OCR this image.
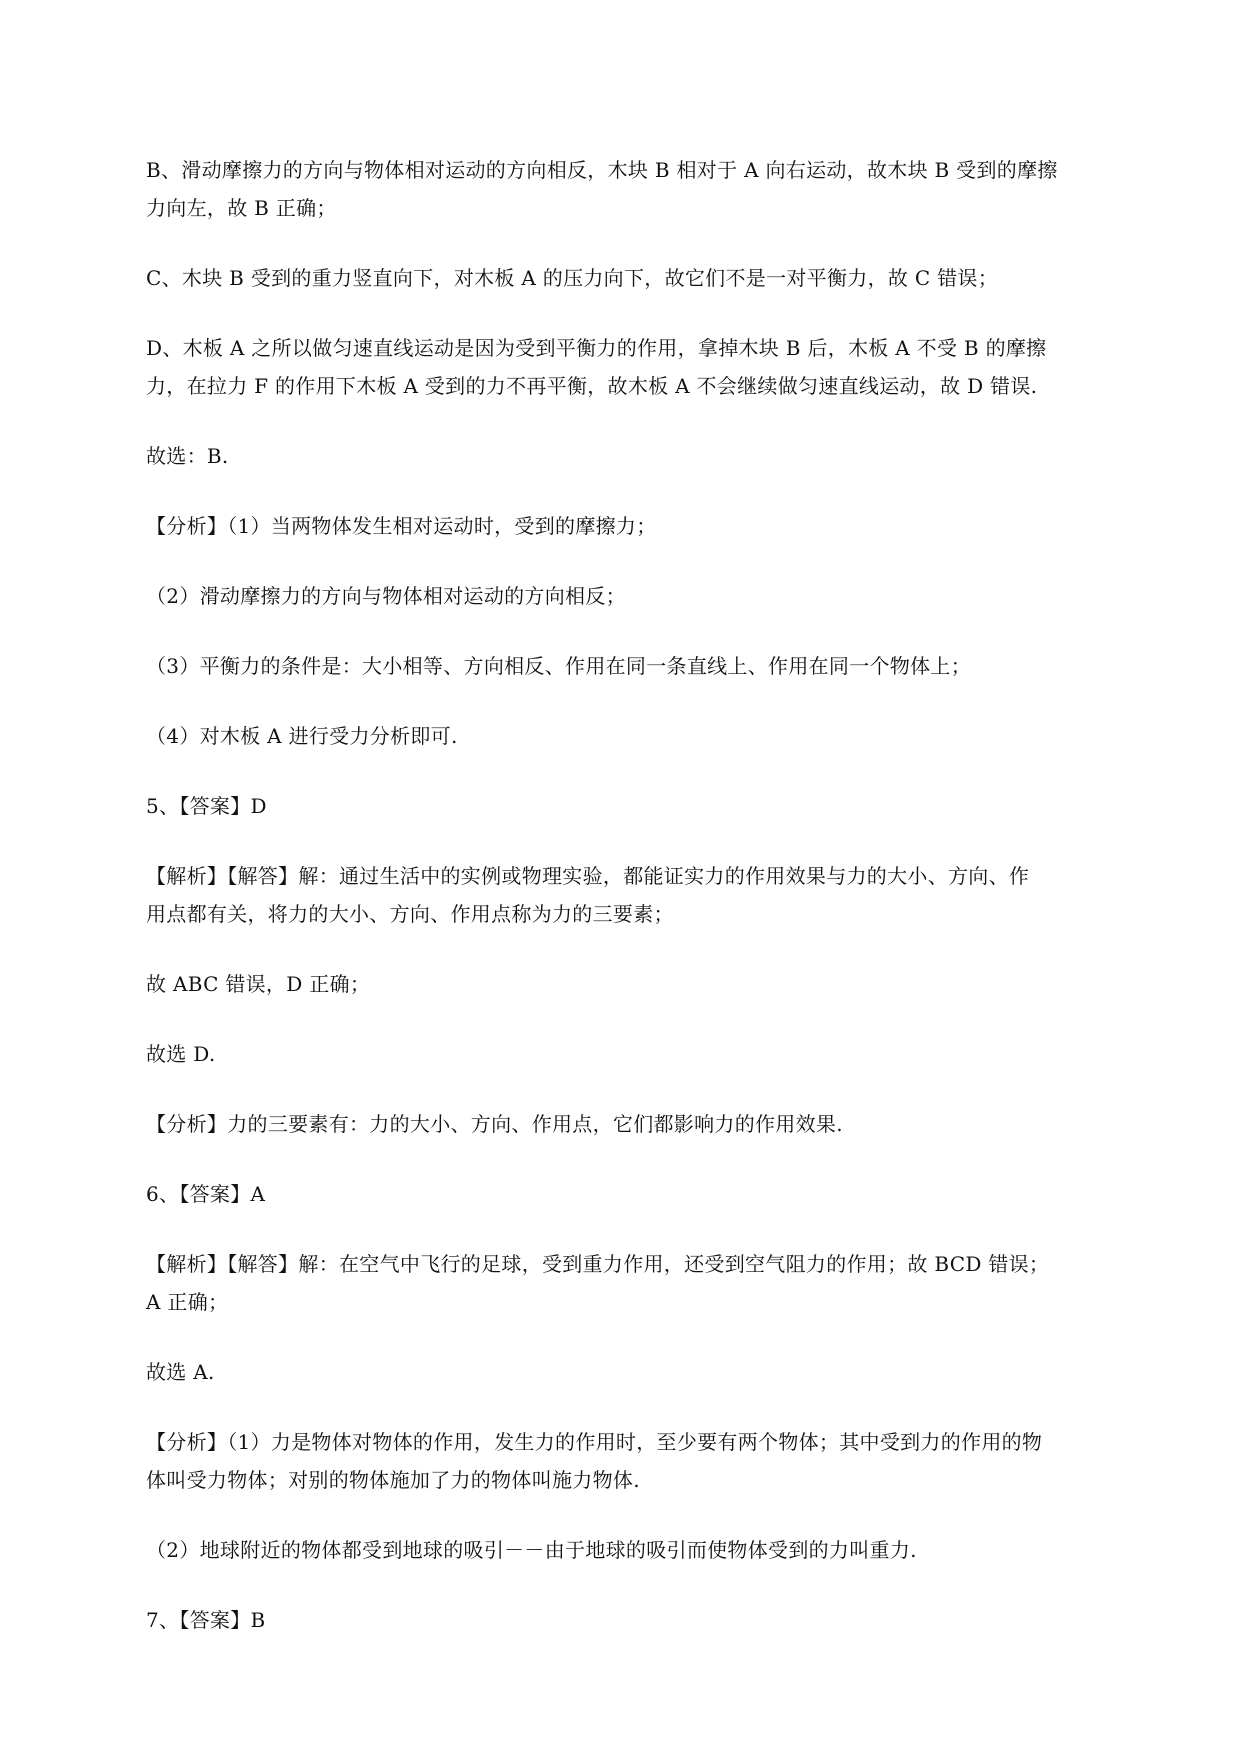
B、滑动摩擦力的方向与物体相对运动的方向相反，木块 B 相对于 A 向右运动，故木块 B 受到的摩擦
力向左，故 B 正确；
C、木块 B 受到的重力竖直向下，对木板 A 的压力向下，故它们不是一对平衡力，故 C 错误；
D、木板 A 之所以做匀速直线运动是因为受到平衡力的作用，拿掉木块 B 后，木板 A 不受 B 的摩擦
力，在拉力 F 的作用下木板 A 受到的力不再平衡，故木板 A 不会继续做匀速直线运动，故 D 错误.
故选：B.
【分析】（1）当两物体发生相对运动时，受到的摩擦力；
（2）滑动摩擦力的方向与物体相对运动的方向相反；
（3）平衡力的条件是：大小相等、方向相反、作用在同一条直线上、作用在同一个物体上；
（4）对木板 A 进行受力分析即可.
5、【答案】D
【解析】【解答】解：通过生活中的实例或物理实验，都能证实力的作用效果与力的大小、方向、作
用点都有关，将力的大小、方向、作用点称为力的三要素；
故 ABC 错误，D 正确；
故选 D.
【分析】力的三要素有：力的大小、方向、作用点，它们都影响力的作用效果.
6、【答案】A
【解析】【解答】解：在空气中飞行的足球，受到重力作用，还受到空气阻力的作用；故 BCD 错误；
A 正确；
故选 A.
【分析】（1）力是物体对物体的作用，发生力的作用时，至少要有两个物体；其中受到力的作用的物
体叫受力物体；对别的物体施加了力的物体叫施力物体.
（2）地球附近的物体都受到地球的吸引－－由于地球的吸引而使物体受到的力叫重力.
7、【答案】B
